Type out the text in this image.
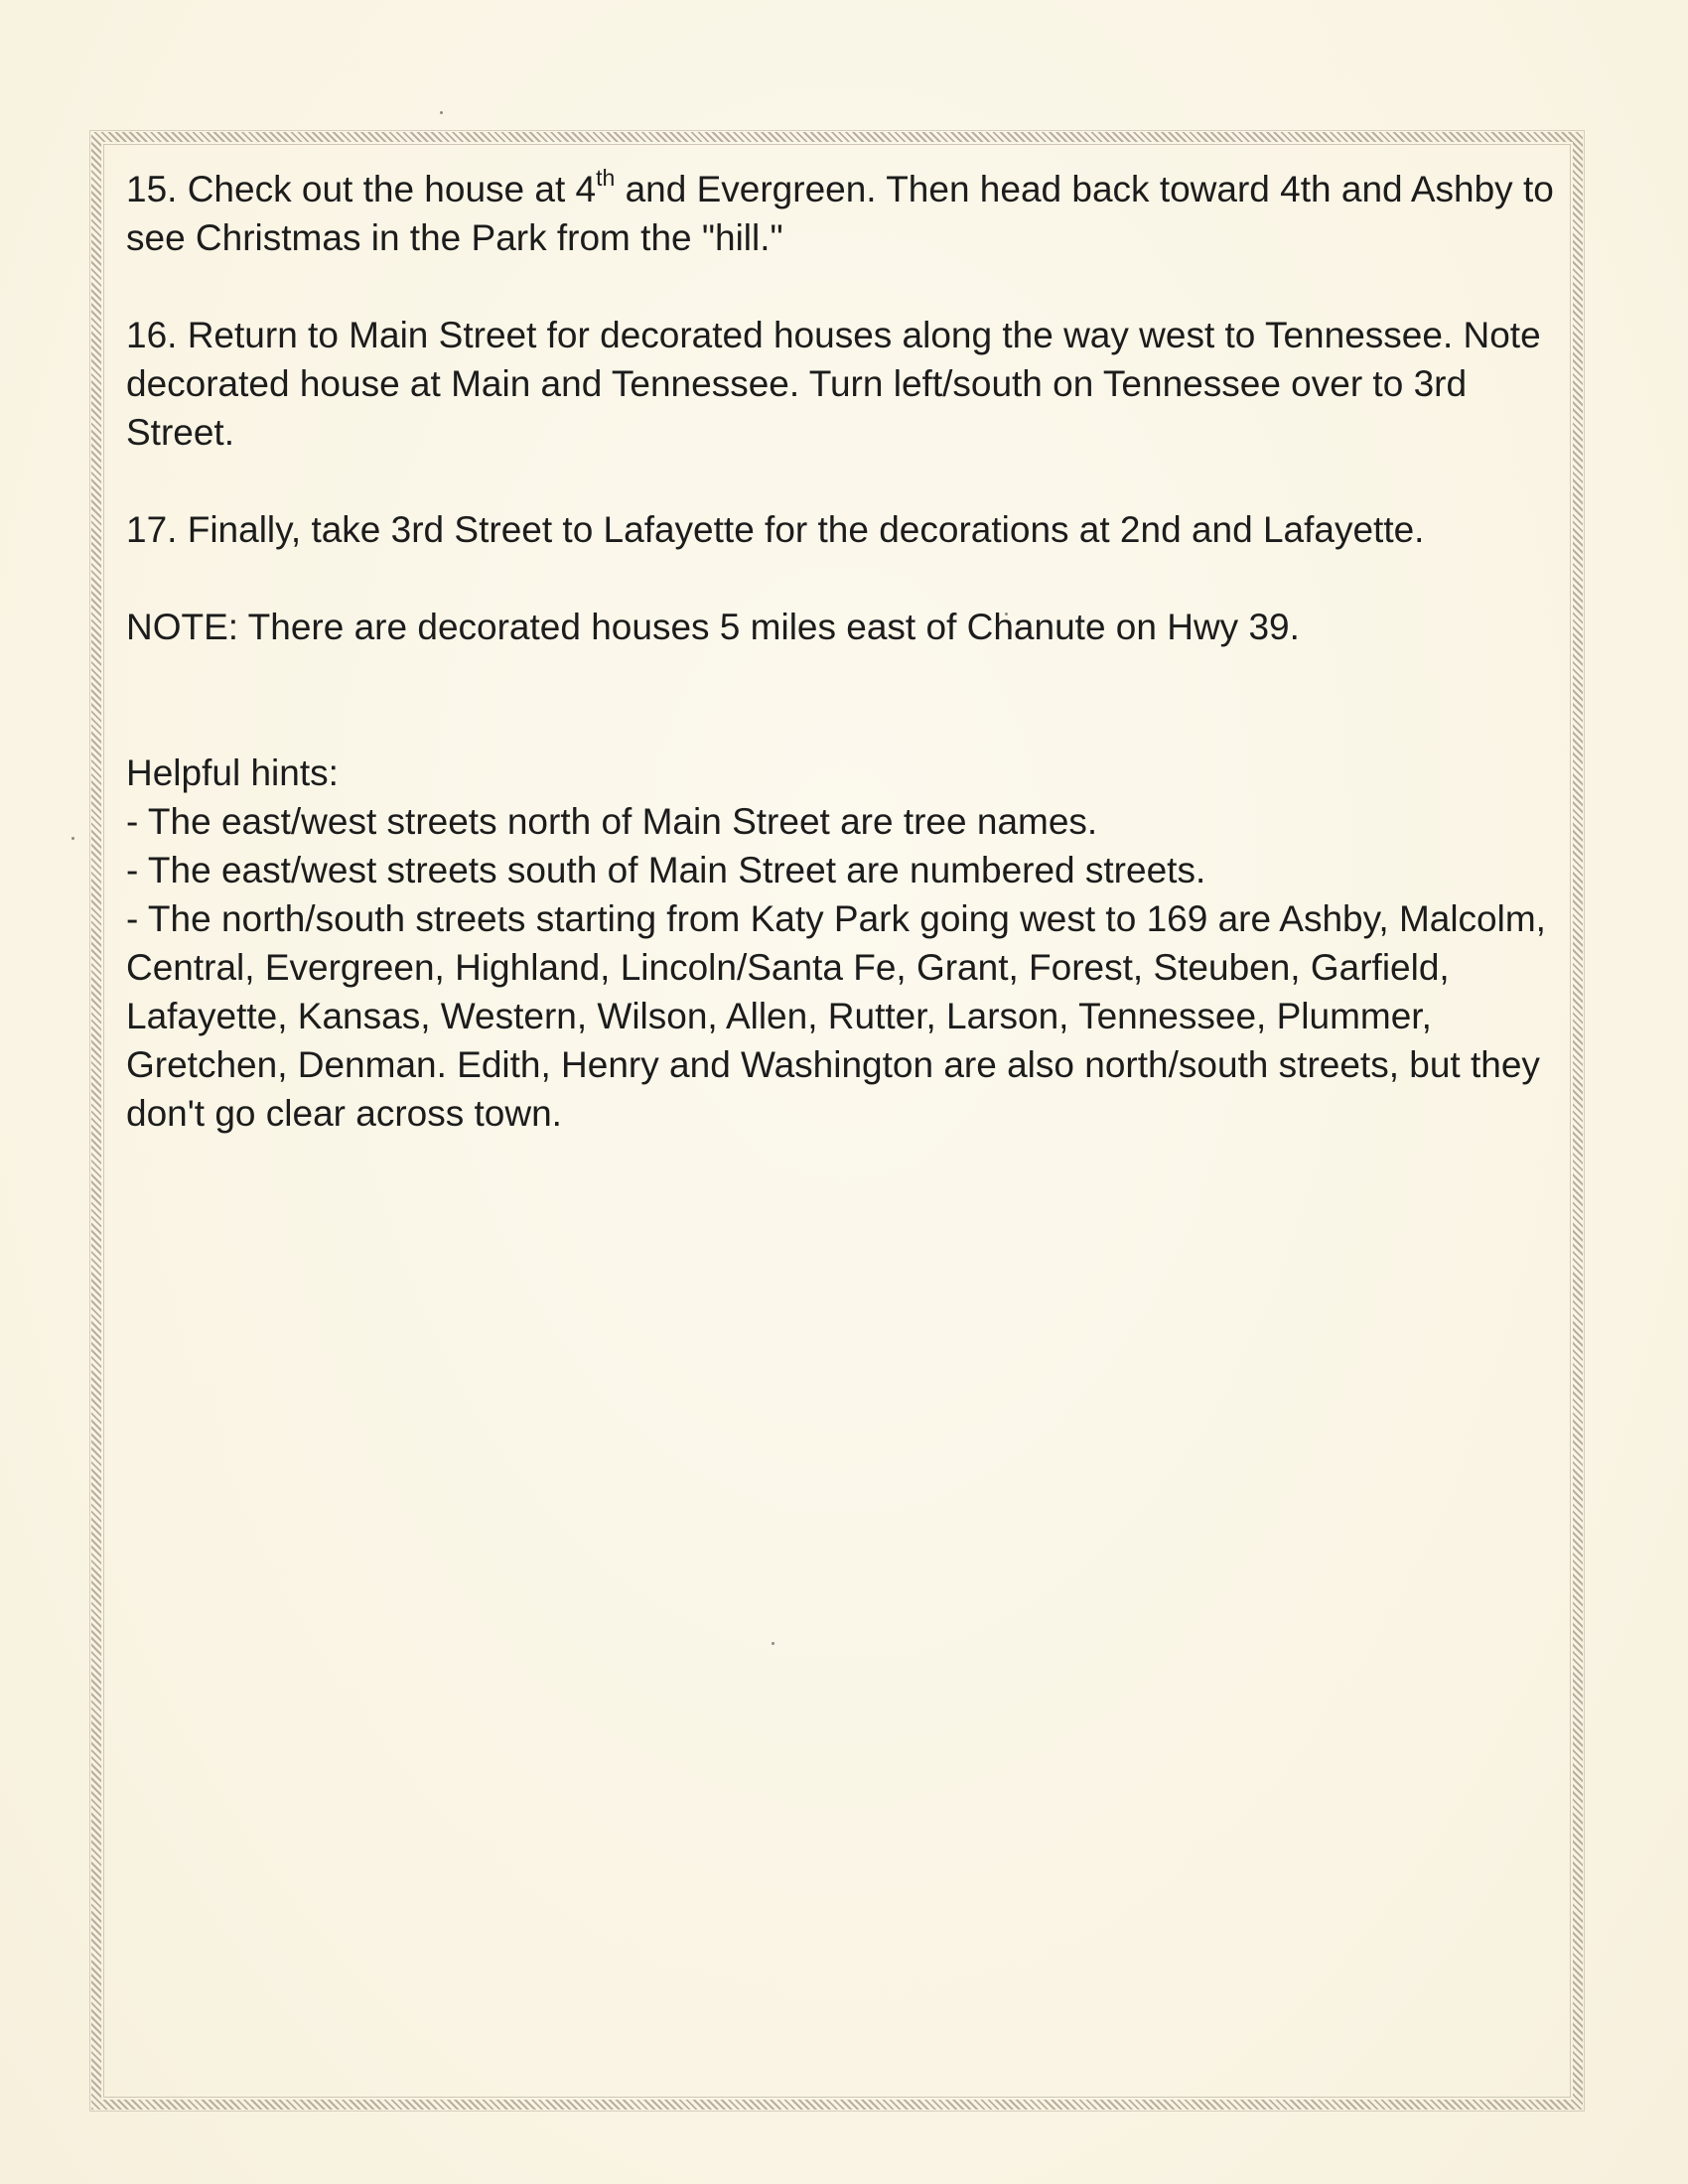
15. Check out the house at 4th and Evergreen. Then head back toward 4th and Ashby to see Christmas in the Park from the "hill."

16. Return to Main Street for decorated houses along the way west to Tennessee. Note decorated house at Main and Tennessee. Turn left/south on Tennessee over to 3rd Street.

17. Finally, take 3rd Street to Lafayette for the decorations at 2nd and Lafayette.

NOTE: There are decorated houses 5 miles east of Chanute on Hwy 39.

Helpful hints:
- The east/west streets north of Main Street are tree names.
- The east/west streets south of Main Street are numbered streets.
- The north/south streets starting from Katy Park going west to 169 are Ashby, Malcolm, Central, Evergreen, Highland, Lincoln/Santa Fe, Grant, Forest, Steuben, Garfield, Lafayette, Kansas, Western, Wilson, Allen, Rutter, Larson, Tennessee, Plummer, Gretchen, Denman. Edith, Henry and Washington are also north/south streets, but they don't go clear across town.
